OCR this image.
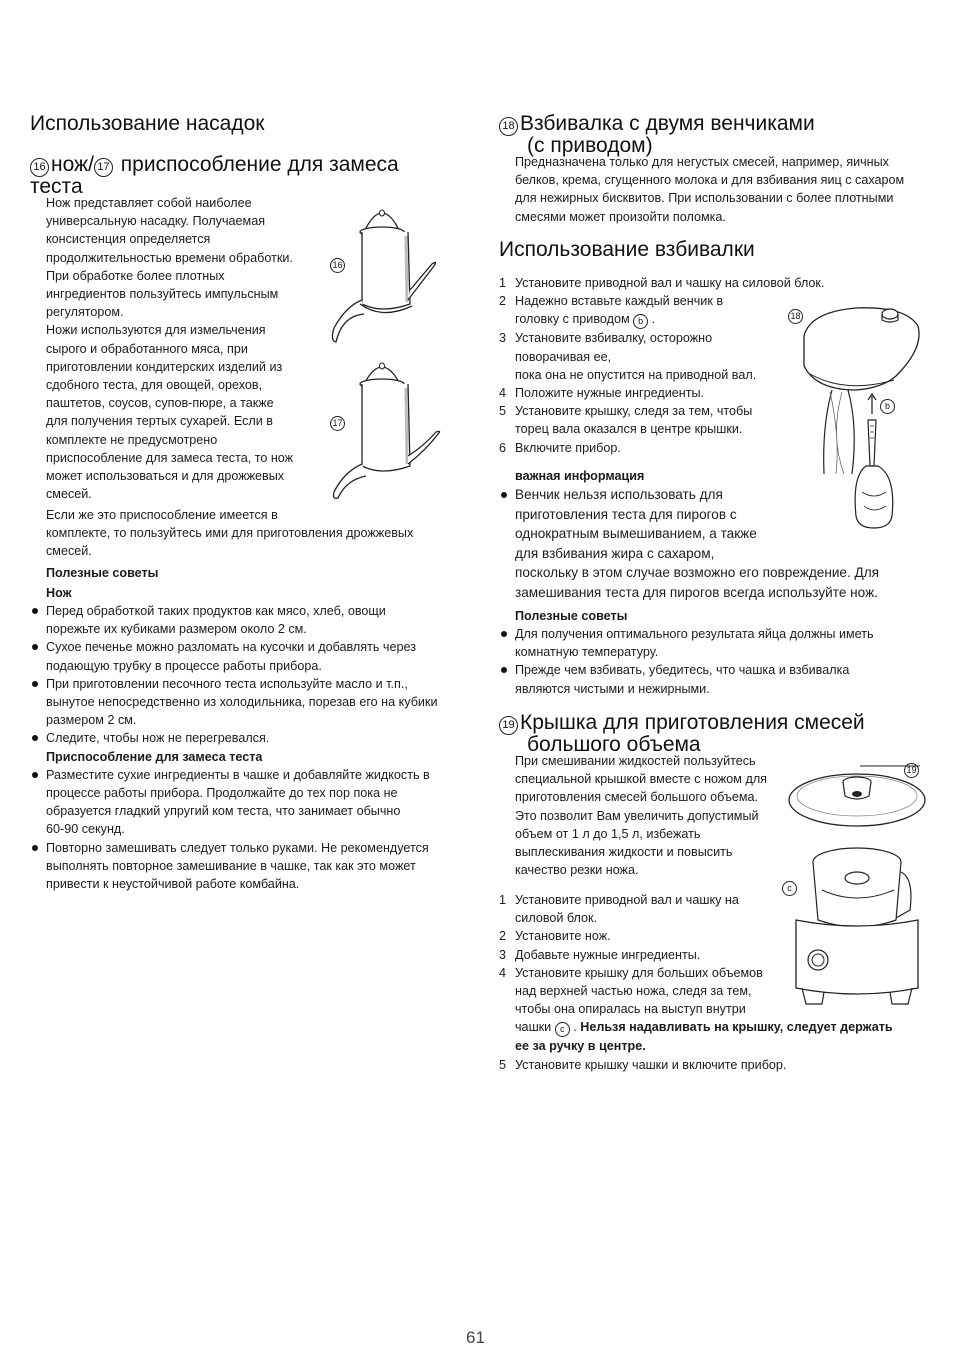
Использование насадок
16 нож/ 17 приспособление для замеса
теста
Нож представляет собой наиболее
универсальную насадку. Получаемая
консистенция определяется
продолжительностью времени обработки.
При обработке более плотных
ингредиентов пользуйтесь импульсным
регулятором.
Ножи используются для измельчения
сырого и обработанного мяса, при
приготовлении кондитерских изделий из
сдобного теста, для овощей, орехов,
паштетов, соусов, супов-пюре, а также
для получения тертых сухарей. Если в
комплекте не предусмотрено
приспособление для замеса теста, то нож
может использоваться и для дрожжевых
смесей.
Если же это приспособление имеется в
комплекте, то пользуйтесь ими для приготовления дрожжевых
смесей.
Полезные советы
Нож
Перед обработкой таких продуктов как мясо, хлеб, овощи
порежьте их кубиками размером около 2 см.
Сухое печенье можно разломать на кусочки и добавлять через
подающую трубку в процессе работы прибора.
При приготовлении песочного теста используйте масло и т.п.,
вынутое непосредственно из холодильника, порезав его на кубики
размером 2 см.
Следите, чтобы нож не перегревался.
Приспособление для замеса теста
Разместите сухие ингредиенты в чашке и добавляйте жидкость в
процессе работы прибора. Продолжайте до тех пор пока не
образуется гладкий упругий ком теста, что занимает обычно
60-90 секунд.
Повторно замешивать следует только руками. Не рекомендуется
выполнять повторное замешивание в чашке, так как это может
привести к неустойчивой работе комбайна.
16
17
18 Взбивалка с двумя венчиками
(с приводом)
Предназначена только для негустых смесей, например, яичных
белков, крема, сгущенного молока и для взбивания яиц с сахаром
для нежирных бисквитов. При использовании с более плотными
смесями может произойти поломка.
Использование взбивалки
1 Установите приводной вал и чашку на силовой блок.
2 Надежно вставьте каждый венчик в
головку с приводом b .
3 Установите взбивалку, осторожно
поворачивая ее,
пока она не опустится на приводной вал.
4 Положите нужные ингредиенты.
5 Установите крышку, следя за тем, чтобы
торец вала оказался в центре крышки.
6 Включите прибор.
важная информация
Венчик нельзя использовать для
приготовления теста для пирогов с
однократным вымешиванием, а также
для взбивания жира с сахаром,
поскольку в этом случае возможно его повреждение. Для
замешивания теста для пирогов всегда используйте нож.
Полезные советы
Для получения оптимального результата яйца должны иметь
комнатную температуру.
Прежде чем взбивать, убедитесь, что чашка и взбивалка
являются чистыми и нежирными.
18
b
19 Крышка для приготовления смесей
большого объема
При смешивании жидкостей пользуйтесь
специальной крышкой вместе с ножом для
приготовления смесей большого объема.
Это позволит Вам увеличить допустимый
объем от 1 л до 1,5 л, избежать
выплескивания жидкости и повысить
качество резки ножа.
1 Установите приводной вал и чашку на
силовой блок.
2 Установите нож.
3 Добавьте нужные ингредиенты.
4 Установите крышку для больших объемов
над верхней частью ножа, следя за тем,
чтобы она опиралась на выступ внутри
чашки c . Нельзя надавливать на крышку, следует держать
ее за ручку в центре.
5 Установите крышку чашки и включите прибор.
19
c
61
